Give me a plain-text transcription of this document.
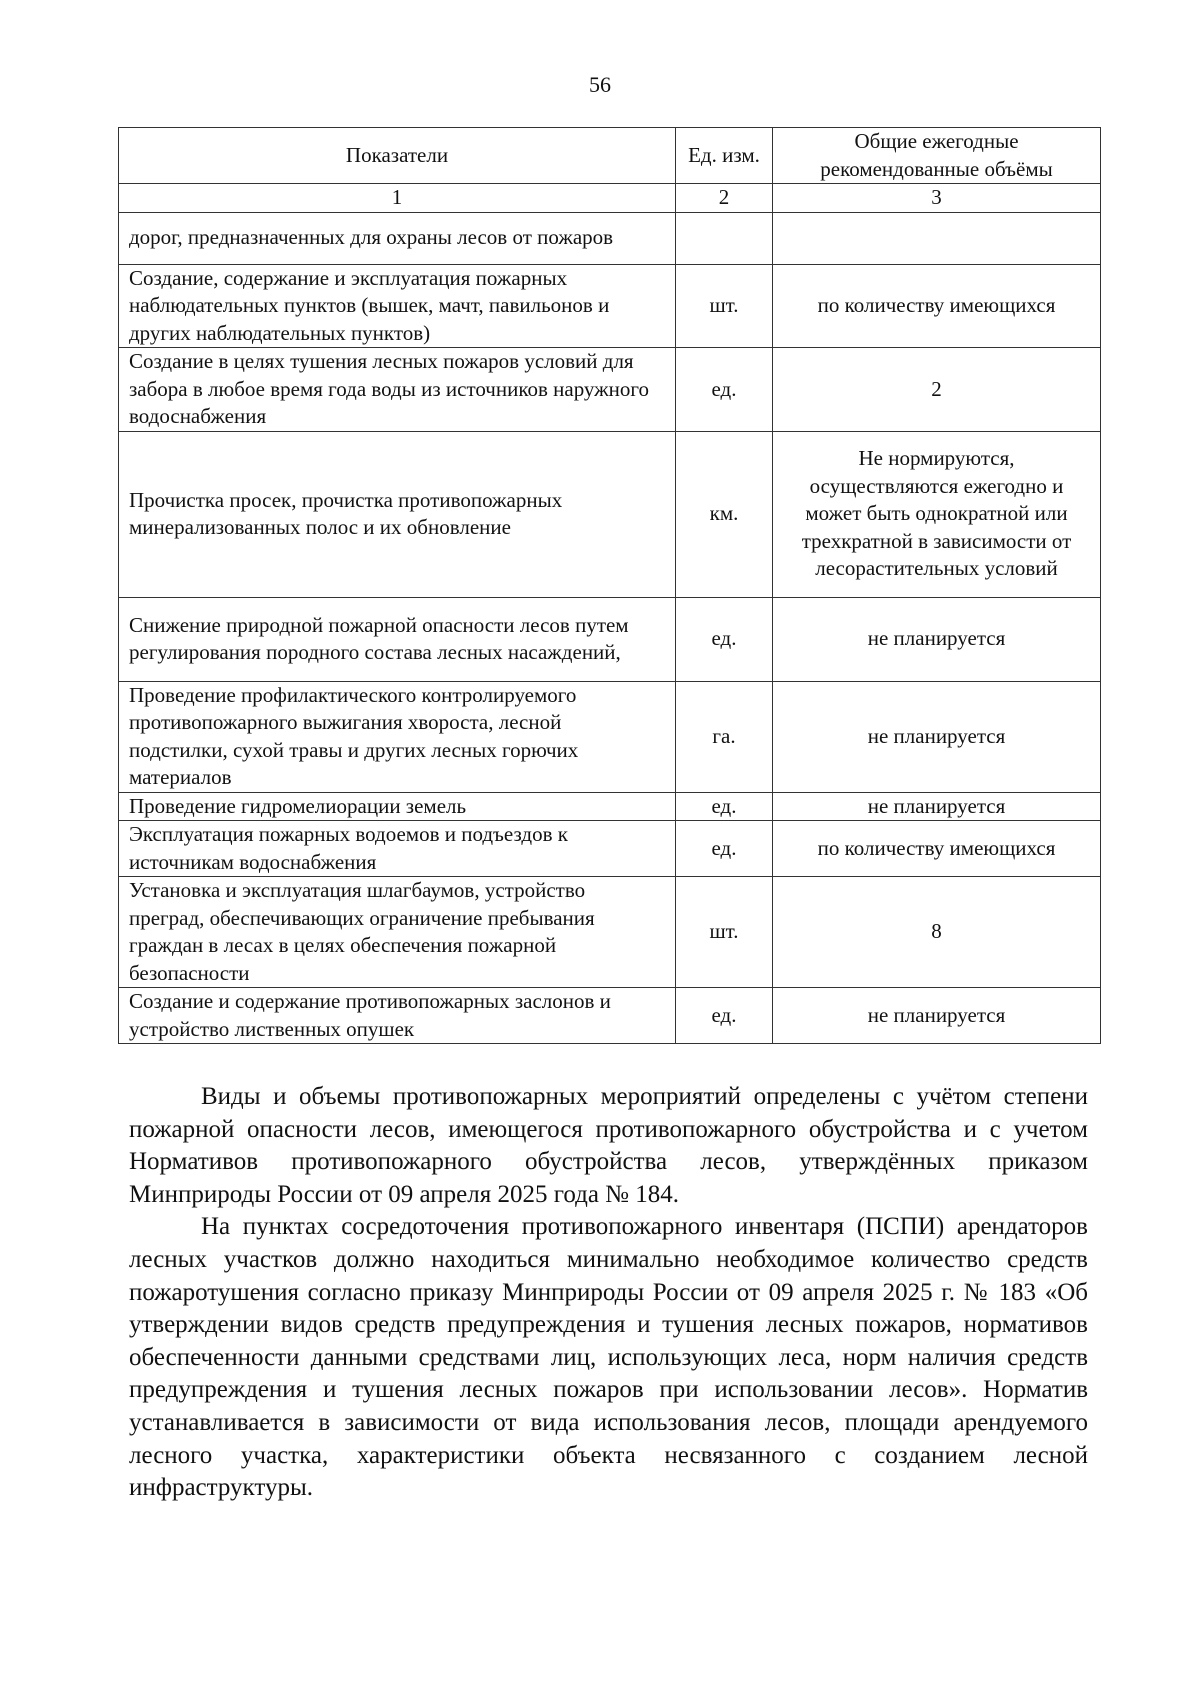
56
Показатели	Ед. изм.	Общие ежегодные рекомендованные объёмы
1	2	3
дорог, предназначенных для охраны лесов от пожаров		
Создание, содержание и эксплуатация пожарных наблюдательных пунктов (вышек, мачт, павильонов и других наблюдательных пунктов)	шт.	по количеству имеющихся
Создание в целях тушения лесных пожаров условий для забора в любое время года воды из источников наружного водоснабжения	ед.	2
Прочистка просек, прочистка противопожарных минерализованных полос и их обновление	км.	Не нормируются, осуществляются ежегодно и может быть однократной или трехкратной в зависимости от лесорастительных условий
Снижение природной пожарной опасности лесов путем регулирования породного состава лесных насаждений,	ед.	не планируется
Проведение профилактического контролируемого противопожарного выжигания хвороста, лесной подстилки, сухой травы и других лесных горючих материалов	га.	не планируется
Проведение гидромелиорации земель	ед.	не планируется
Эксплуатация пожарных водоемов и подъездов к источникам водоснабжения	ед.	по количеству имеющихся
Установка и эксплуатация шлагбаумов, устройство преград, обеспечивающих ограничение пребывания граждан в лесах в целях обеспечения пожарной безопасности	шт.	8
Создание и содержание противопожарных заслонов и устройство лиственных опушек	ед.	не планируется

Виды и объемы противопожарных мероприятий определены с учётом степени пожарной опасности лесов, имеющегося противопожарного обустройства и с учетом Нормативов противопожарного обустройства лесов, утверждённых приказом Минприроды России от 09 апреля 2025 года № 184.

На пунктах сосредоточения противопожарного инвентаря (ПСПИ) арендаторов лесных участков должно находиться минимально необходимое количество средств пожаротушения согласно приказу Минприроды России от 09 апреля 2025 г. № 183 «Об утверждении видов средств предупреждения и тушения лесных пожаров, нормативов обеспеченности данными средствами лиц, использующих леса, норм наличия средств предупреждения и тушения лесных пожаров при использовании лесов». Норматив устанавливается в зависимости от вида использования лесов, площади арендуемого лесного участка, характеристики объекта несвязанного с созданием лесной инфраструктуры.
